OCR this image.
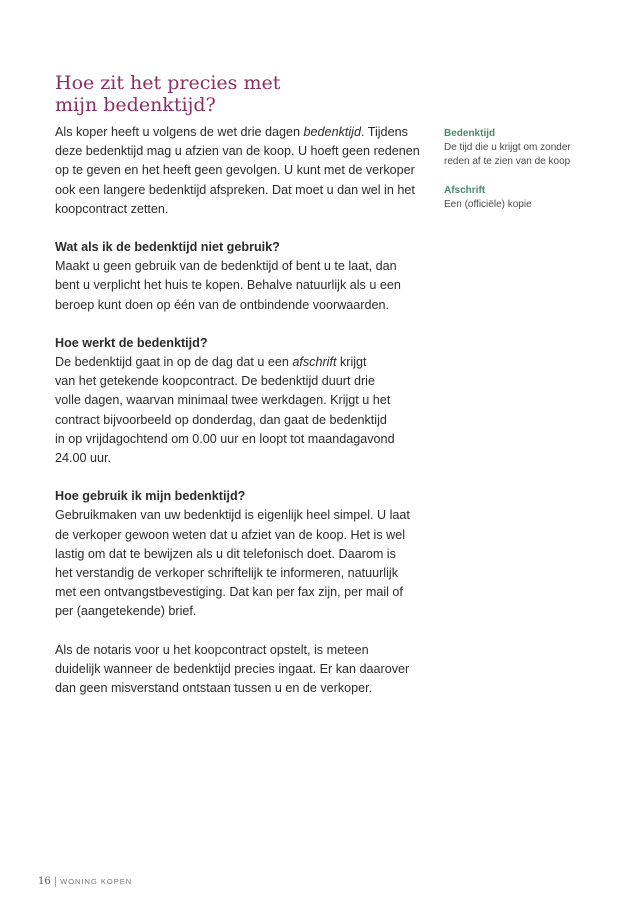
Hoe zit het precies met
mijn bedenktijd?

Als koper heeft u volgens de wet drie dagen bedenktijd. Tijdens
deze bedenktijd mag u afzien van de koop. U hoeft geen redenen
op te geven en het heeft geen gevolgen. U kunt met de verkoper
ook een langere bedenktijd afspreken. Dat moet u dan wel in het
koopcontract zetten.

Wat als ik de bedenktijd niet gebruik?
Maakt u geen gebruik van de bedenktijd of bent u te laat, dan
bent u verplicht het huis te kopen. Behalve natuurlijk als u een
beroep kunt doen op één van de ontbindende voorwaarden.

Hoe werkt de bedenktijd?
De bedenktijd gaat in op de dag dat u een afschrift krijgt
van het getekende koopcontract. De bedenktijd duurt drie
volle dagen, waarvan minimaal twee werkdagen. Krijgt u het
contract bijvoorbeeld op donderdag, dan gaat de bedenktijd
in op vrijdagochtend om 0.00 uur en loopt tot maandagavond
24.00 uur.

Hoe gebruik ik mijn bedenktijd?
Gebruikmaken van uw bedenktijd is eigenlijk heel simpel. U laat
de verkoper gewoon weten dat u afziet van de koop. Het is wel
lastig om dat te bewijzen als u dit telefonisch doet. Daarom is
het verstandig de verkoper schriftelijk te informeren, natuurlijk
met een ontvangstbevestiging. Dat kan per fax zijn, per mail of
per (aangetekende) brief.

Als de notaris voor u het koopcontract opstelt, is meteen
duidelijk wanneer de bedenktijd precies ingaat. Er kan daarover
dan geen misverstand ontstaan tussen u en de verkoper.

Bedenktijd
De tijd die u krijgt om zonder
reden af te zien van de koop
Afschrift
Een (officiële) kopie
16 | WONING KOPEN
